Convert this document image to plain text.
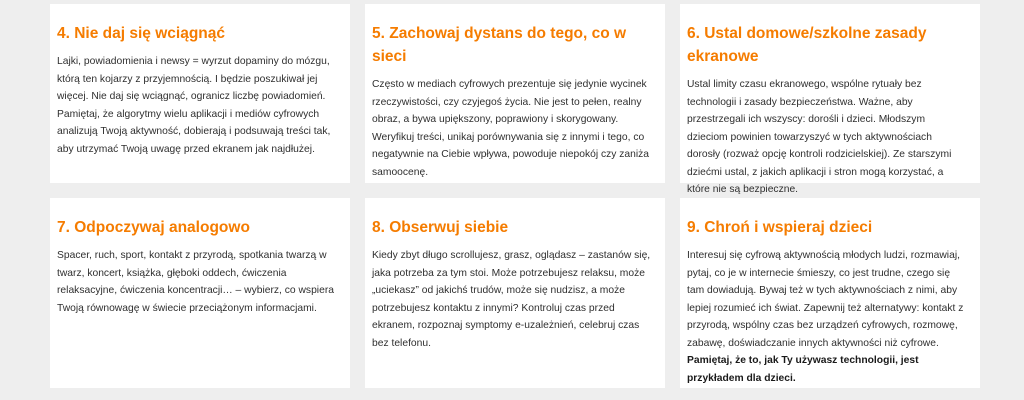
4. Nie daj się wciągnąć

Lajki, powiadomienia i newsy = wyrzut dopaminy do mózgu, którą ten kojarzy z przyjemnością. I będzie poszukiwał jej więcej. Nie daj się wciągnąć, ogranicz liczbę powiadomień. Pamiętaj, że algorytmy wielu aplikacji i mediów cyfrowych analizują Twoją aktywność, dobierają i podsuwają treści tak, aby utrzymać Twoją uwagę przed ekranem jak najdłużej.

5. Zachowaj dystans do tego, co w sieci

Często w mediach cyfrowych prezentuje się jedynie wycinek rzeczywistości, czy czyjegoś życia. Nie jest to pełen, realny obraz, a bywa upiększony, poprawiony i skorygowany. Weryfikuj treści, unikaj porównywania się z innymi i tego, co negatywnie na Ciebie wpływa, powoduje niepokój czy zaniża samoocenę.

6. Ustal domowe/szkolne zasady ekranowe

Ustal limity czasu ekranowego, wspólne rytuały bez technologii i zasady bezpieczeństwa. Ważne, aby przestrzegali ich wszyscy: dorośli i dzieci. Młodszym dzieciom powinien towarzyszyć w tych aktywnościach dorosły (rozważ opcję kontroli rodzicielskiej). Ze starszymi dziećmi ustal, z jakich aplikacji i stron mogą korzystać, a które nie są bezpieczne.

7. Odpoczywaj analogowo

Spacer, ruch, sport, kontakt z przyrodą, spotkania twarzą w twarz, koncert, książka, głęboki oddech, ćwiczenia relaksacyjne, ćwiczenia koncentracji… – wybierz, co wspiera Twoją równowagę w świecie przeciążonym informacjami.

8. Obserwuj siebie

Kiedy zbyt długo scrollujesz, grasz, oglądasz – zastanów się, jaka potrzeba za tym stoi. Może potrzebujesz relaksu, może „uciekasz” od jakichś trudów, może się nudzisz, a może potrzebujesz kontaktu z innymi? Kontroluj czas przed ekranem, rozpoznaj symptomy e-uzależnień, celebruj czas bez telefonu.

9. Chroń i wspieraj dzieci

Interesuj się cyfrową aktywnością młodych ludzi, rozmawiaj, pytaj, co je w internecie śmieszy, co jest trudne, czego się tam dowiadują. Bywaj też w tych aktywnościach z nimi, aby lepiej rozumieć ich świat. Zapewnij też alternatywy: kontakt z przyrodą, wspólny czas bez urządzeń cyfrowych, rozmowę, zabawę, doświadczanie innych aktywności niż cyfrowe. Pamiętaj, że to, jak Ty używasz technologii, jest przykładem dla dzieci.
